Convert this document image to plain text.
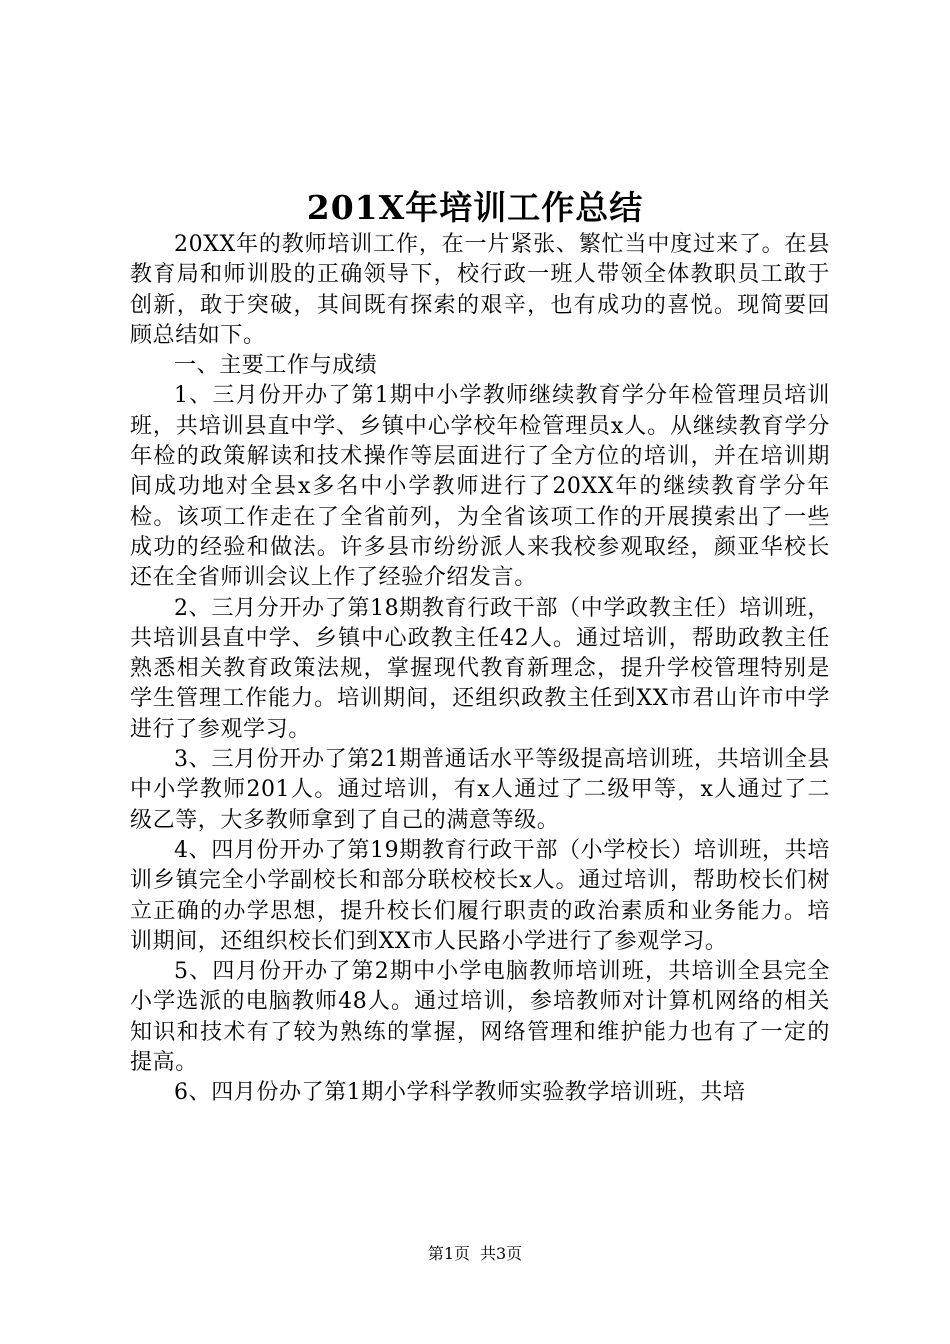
201X年培训工作总结

20XX年的教师培训工作，在一片紧张、繁忙当中度过来了。在县教育局和师训股的正确领导下，校行政一班人带领全体教职员工敢于创新，敢于突破，其间既有探索的艰辛，也有成功的喜悦。现简要回顾总结如下。

一、主要工作与成绩

1、三月份开办了第1期中小学教师继续教育学分年检管理员培训班，共培训县直中学、乡镇中心学校年检管理员x人。从继续教育学分年检的政策解读和技术操作等层面进行了全方位的培训，并在培训期间成功地对全县x多名中小学教师进行了20XX年的继续教育学分年检。该项工作走在了全省前列，为全省该项工作的开展摸索出了一些成功的经验和做法。许多县市纷纷派人来我校参观取经，颜亚华校长还在全省师训会议上作了经验介绍发言。

2、三月分开办了第18期教育行政干部（中学政教主任）培训班，共培训县直中学、乡镇中心政教主任42人。通过培训，帮助政教主任熟悉相关教育政策法规，掌握现代教育新理念，提升学校管理特别是学生管理工作能力。培训期间，还组织政教主任到XX市君山许市中学进行了参观学习。

3、三月份开办了第21期普通话水平等级提高培训班，共培训全县中小学教师201人。通过培训，有x人通过了二级甲等，x人通过了二级乙等，大多教师拿到了自己的满意等级。

4、四月份开办了第19期教育行政干部（小学校长）培训班，共培训乡镇完全小学副校长和部分联校校长x人。通过培训，帮助校长们树立正确的办学思想，提升校长们履行职责的政治素质和业务能力。培训期间，还组织校长们到XX市人民路小学进行了参观学习。

5、四月份开办了第2期中小学电脑教师培训班，共培训全县完全小学选派的电脑教师48人。通过培训，参培教师对计算机网络的相关知识和技术有了较为熟练的掌握，网络管理和维护能力也有了一定的提高。

6、四月份办了第1期小学科学教师实验教学培训班，共培

第1页 共3页
